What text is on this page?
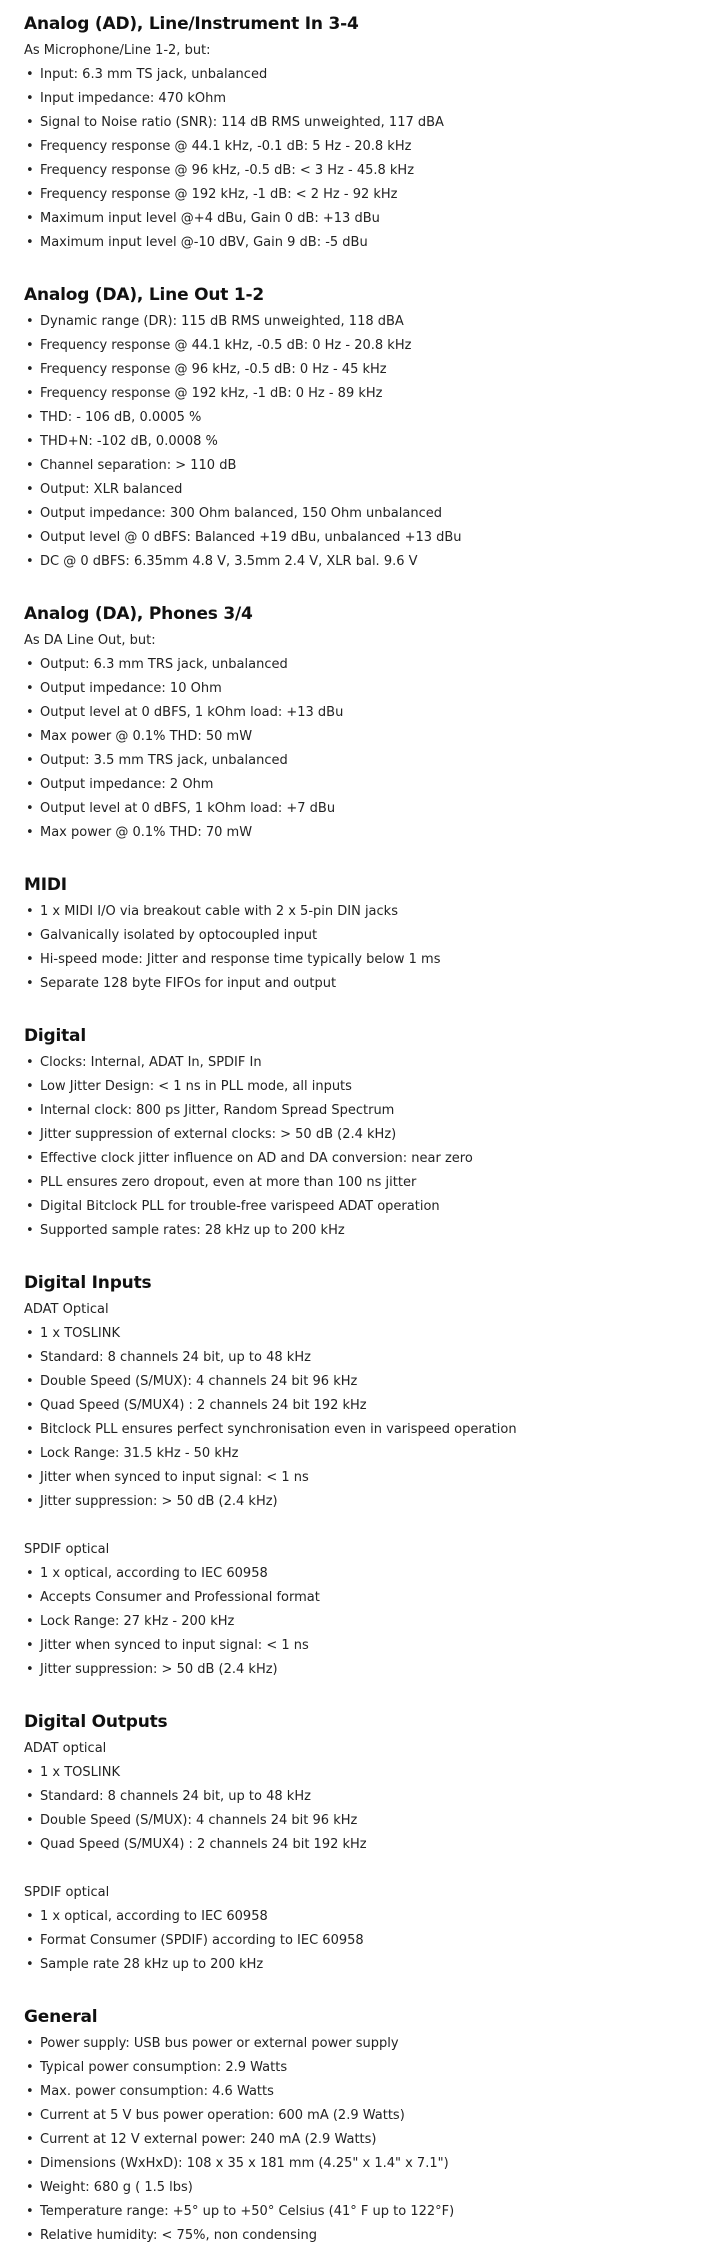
Analog (AD), Line/Instrument In 3-4

As Microphone/Line 1-2, but:

• Input: 6.3 mm TS jack, unbalanced
• Input impedance: 470 kOhm
• Signal to Noise ratio (SNR): 114 dB RMS unweighted, 117 dBA
• Frequency response @ 44.1 kHz, -0.1 dB: 5 Hz - 20.8 kHz
• Frequency response @ 96 kHz, -0.5 dB: < 3 Hz - 45.8 kHz
• Frequency response @ 192 kHz, -1 dB: < 2 Hz - 92 kHz
• Maximum input level @+4 dBu, Gain 0 dB: +13 dBu
• Maximum input level @-10 dBV, Gain 9 dB: -5 dBu
Analog (DA), Line Out 1-2
• Dynamic range (DR): 115 dB RMS unweighted, 118 dBA
• Frequency response @ 44.1 kHz, -0.5 dB: 0 Hz - 20.8 kHz
• Frequency response @ 96 kHz, -0.5 dB: 0 Hz - 45 kHz
• Frequency response @ 192 kHz, -1 dB: 0 Hz - 89 kHz
• THD: - 106 dB, 0.0005 %
• THD+N: -102 dB, 0.0008 %
• Channel separation: > 110 dB
• Output: XLR balanced
• Output impedance: 300 Ohm balanced, 150 Ohm unbalanced
• Output level @ 0 dBFS: Balanced +19 dBu, unbalanced +13 dBu
• DC @ 0 dBFS: 6.35mm 4.8 V, 3.5mm 2.4 V, XLR bal. 9.6 V
Analog (DA), Phones 3/4

As DA Line Out, but:

• Output: 6.3 mm TRS jack, unbalanced
• Output impedance: 10 Ohm
• Output level at 0 dBFS, 1 kOhm load: +13 dBu
• Max power @ 0.1% THD: 50 mW
• Output: 3.5 mm TRS jack, unbalanced
• Output impedance: 2 Ohm
• Output level at 0 dBFS, 1 kOhm load: +7 dBu
• Max power @ 0.1% THD: 70 mW
MIDI
• 1 x MIDI I/O via breakout cable with 2 x 5-pin DIN jacks
• Galvanically isolated by optocoupled input
• Hi-speed mode: Jitter and response time typically below 1 ms
• Separate 128 byte FIFOs for input and output
Digital
• Clocks: Internal, ADAT In, SPDIF In
• Low Jitter Design: < 1 ns in PLL mode, all inputs
• Internal clock: 800 ps Jitter, Random Spread Spectrum
• Jitter suppression of external clocks: > 50 dB (2.4 kHz)
• Effective clock jitter influence on AD and DA conversion: near zero
• PLL ensures zero dropout, even at more than 100 ns jitter
• Digital Bitclock PLL for trouble-free varispeed ADAT operation
• Supported sample rates: 28 kHz up to 200 kHz
Digital Inputs

ADAT Optical

• 1 x TOSLINK
• Standard: 8 channels 24 bit, up to 48 kHz
• Double Speed (S/MUX): 4 channels 24 bit 96 kHz
• Quad Speed (S/MUX4) : 2 channels 24 bit 192 kHz
• Bitclock PLL ensures perfect synchronisation even in varispeed operation
• Lock Range: 31.5 kHz - 50 kHz
• Jitter when synced to input signal: < 1 ns
• Jitter suppression: > 50 dB (2.4 kHz)

SPDIF optical

• 1 x optical, according to IEC 60958
• Accepts Consumer and Professional format
• Lock Range: 27 kHz - 200 kHz
• Jitter when synced to input signal: < 1 ns
• Jitter suppression: > 50 dB (2.4 kHz)
Digital Outputs

ADAT optical

• 1 x TOSLINK
• Standard: 8 channels 24 bit, up to 48 kHz
• Double Speed (S/MUX): 4 channels 24 bit 96 kHz
• Quad Speed (S/MUX4) : 2 channels 24 bit 192 kHz

SPDIF optical

• 1 x optical, according to IEC 60958
• Format Consumer (SPDIF) according to IEC 60958
• Sample rate 28 kHz up to 200 kHz
General
• Power supply: USB bus power or external power supply
• Typical power consumption: 2.9 Watts
• Max. power consumption: 4.6 Watts
• Current at 5 V bus power operation: 600 mA (2.9 Watts)
• Current at 12 V external power: 240 mA (2.9 Watts)
• Dimensions (WxHxD): 108 x 35 x 181 mm (4.25" x 1.4" x 7.1")
• Weight: 680 g ( 1.5 lbs)
• Temperature range: +5° up to +50° Celsius (41° F up to 122°F)
• Relative humidity: < 75%, non condensing
